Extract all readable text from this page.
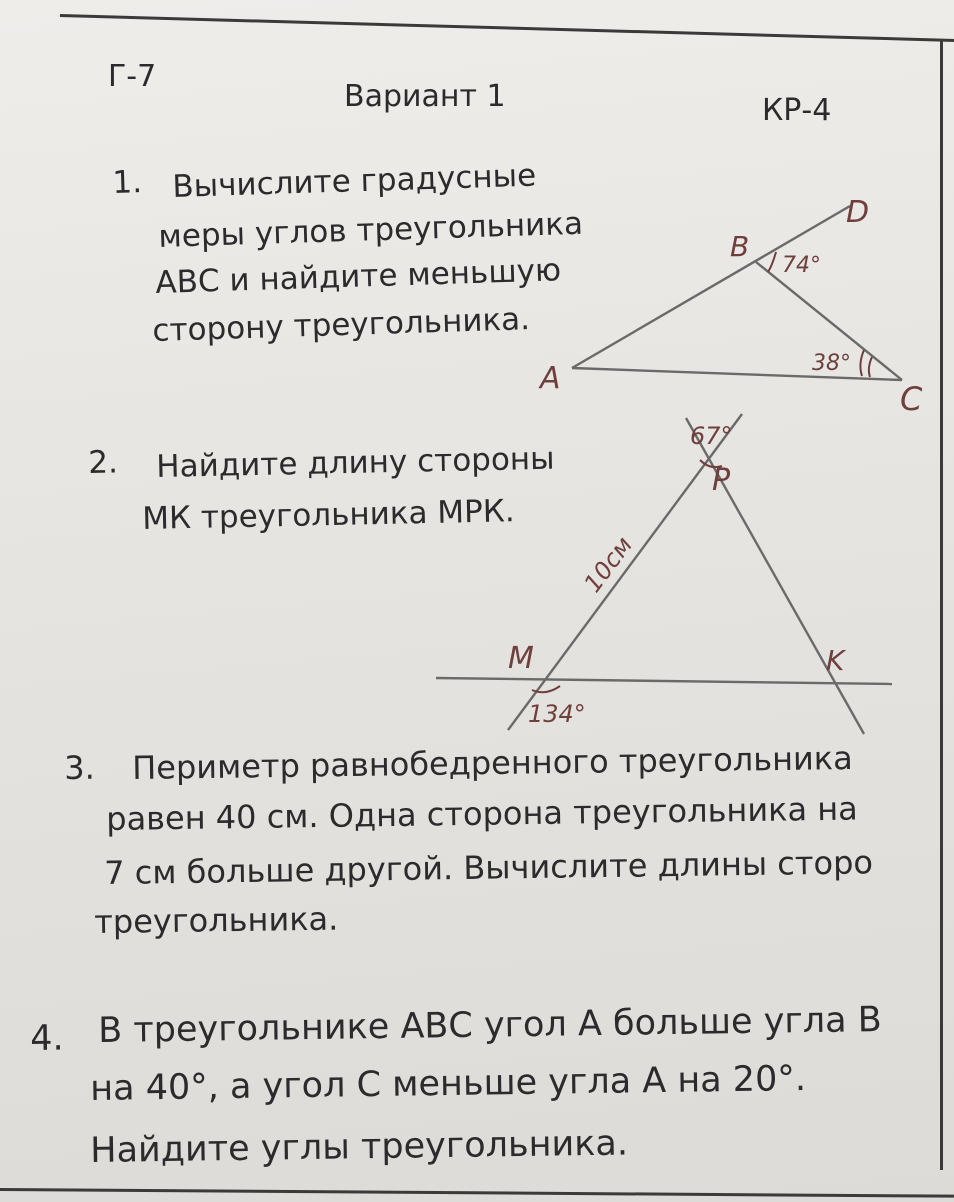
Г-7
Вариант 1	КР-4
1. Вычислите градусные
меры углов треугольника
АВС и найдите меньшую
сторону треугольника.
2. Найдите длину стороны
МК треугольника МРК.
3. Периметр равнобедренного треугольника
равен 40 см. Одна сторона треугольника на
7 см больше другой. Вычислите длины сторо
треугольника.
4. В треугольнике АВС угол А больше угла В
на 40°, а угол С меньше угла А на 20°.
Найдите углы треугольника.
A
B
C
D
74°
38°
P
M	K
67°
134°
10см
